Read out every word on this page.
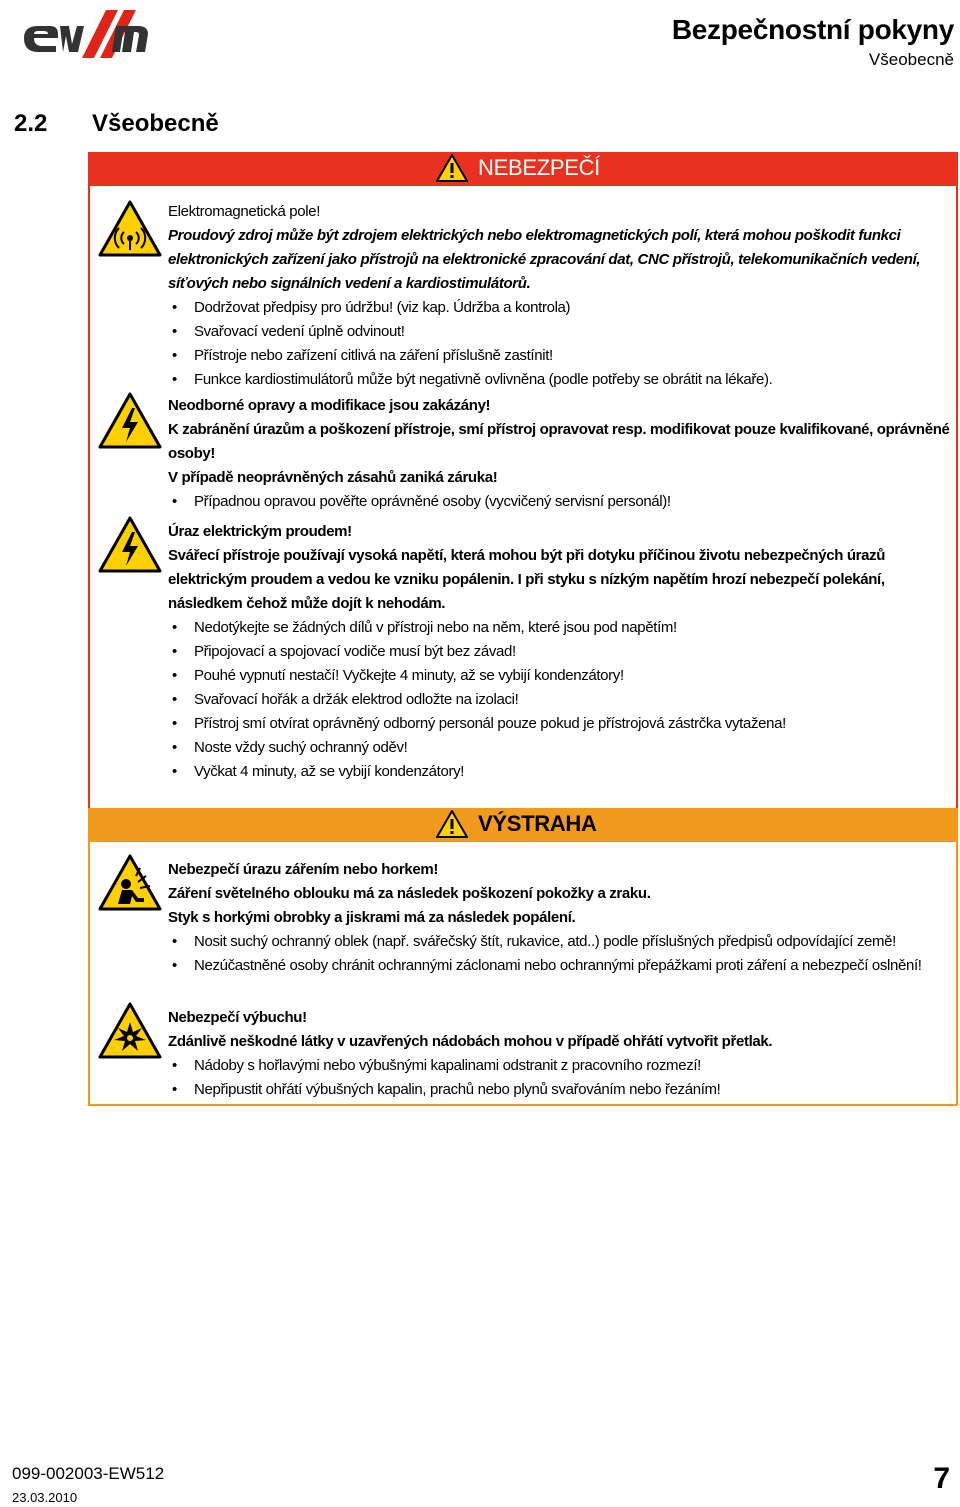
Bezpečnostní pokyny
Všeobecně
2.2 Všeobecně
NEBEZPEČÍ

Elektromagnetická pole!

Proudový zdroj může být zdrojem elektrických nebo elektromagnetických polí, která mohou poškodit funkci elektronických zařízení jako přístrojů na elektronické zpracování dat, CNC přístrojů, telekomunikačních vedení, síťových nebo signálních vedení a kardiostimulátorů.

• Dodržovat předpisy pro údržbu! (viz kap. Údržba a kontrola)
• Svařovací vedení úplně odvinout!
• Přístroje nebo zařízení citlivá na záření příslušně zastínit!
• Funkce kardiostimulátorů může být negativně ovlivněna (podle potřeby se obrátit na lékaře).

Neodborné opravy a modifikace jsou zakázány!

K zabránění úrazům a poškození přístroje, smí přístroj opravovat resp. modifikovat pouze kvalifikované, oprávněné osoby!

V případě neoprávněných zásahů zaniká záruka!

• Případnou opravou pověřte oprávněné osoby (vycvičený servisní personál)!

Úraz elektrickým proudem!

Svářecí přístroje používají vysoká napětí, která mohou být při dotyku příčinou životu nebezpečných úrazů elektrickým proudem a vedou ke vzniku popálenin. I při styku s nízkým napětím hrozí nebezpečí polekání, následkem čehož může dojít k nehodám.

• Nedotýkejte se žádných dílů v přístroji nebo na něm, které jsou pod napětím!
• Připojovací a spojovací vodiče musí být bez závad!
• Pouhé vypnutí nestačí! Vyčkejte 4 minuty, až se vybijí kondenzátory!
• Svařovací hořák a držák elektrod odložte na izolaci!
• Přístroj smí otvírat oprávněný odborný personál pouze pokud je přístrojová zástrčka vytažena!
• Noste vždy suchý ochranný oděv!
• Vyčkat 4 minuty, až se vybijí kondenzátory!
VÝSTRAHA

Nebezpečí úrazu zářením nebo horkem!

Záření světelného oblouku má za následek poškození pokožky a zraku.

Styk s horkými obrobky a jiskrami má za následek popálení.

• Nosit suchý ochranný oblek (např. svářečský štít, rukavice, atd..) podle příslušných předpisů odpovídající země!
• Nezúčastněné osoby chránit ochrannými záclonami nebo ochrannými přepážkami proti záření a nebezpečí oslnění!

Nebezpečí výbuchu!

Zdánlivě neškodné látky v uzavřených nádobách mohou v případě ohřátí vytvořit přetlak.

• Nádoby s hořlavými nebo výbušnými kapalinami odstranit z pracovního rozmezí!
• Nepřipustit ohřátí výbušných kapalin, prachů nebo plynů svařováním nebo řezáním!
099-002003-EW512
23.03.2010
7
